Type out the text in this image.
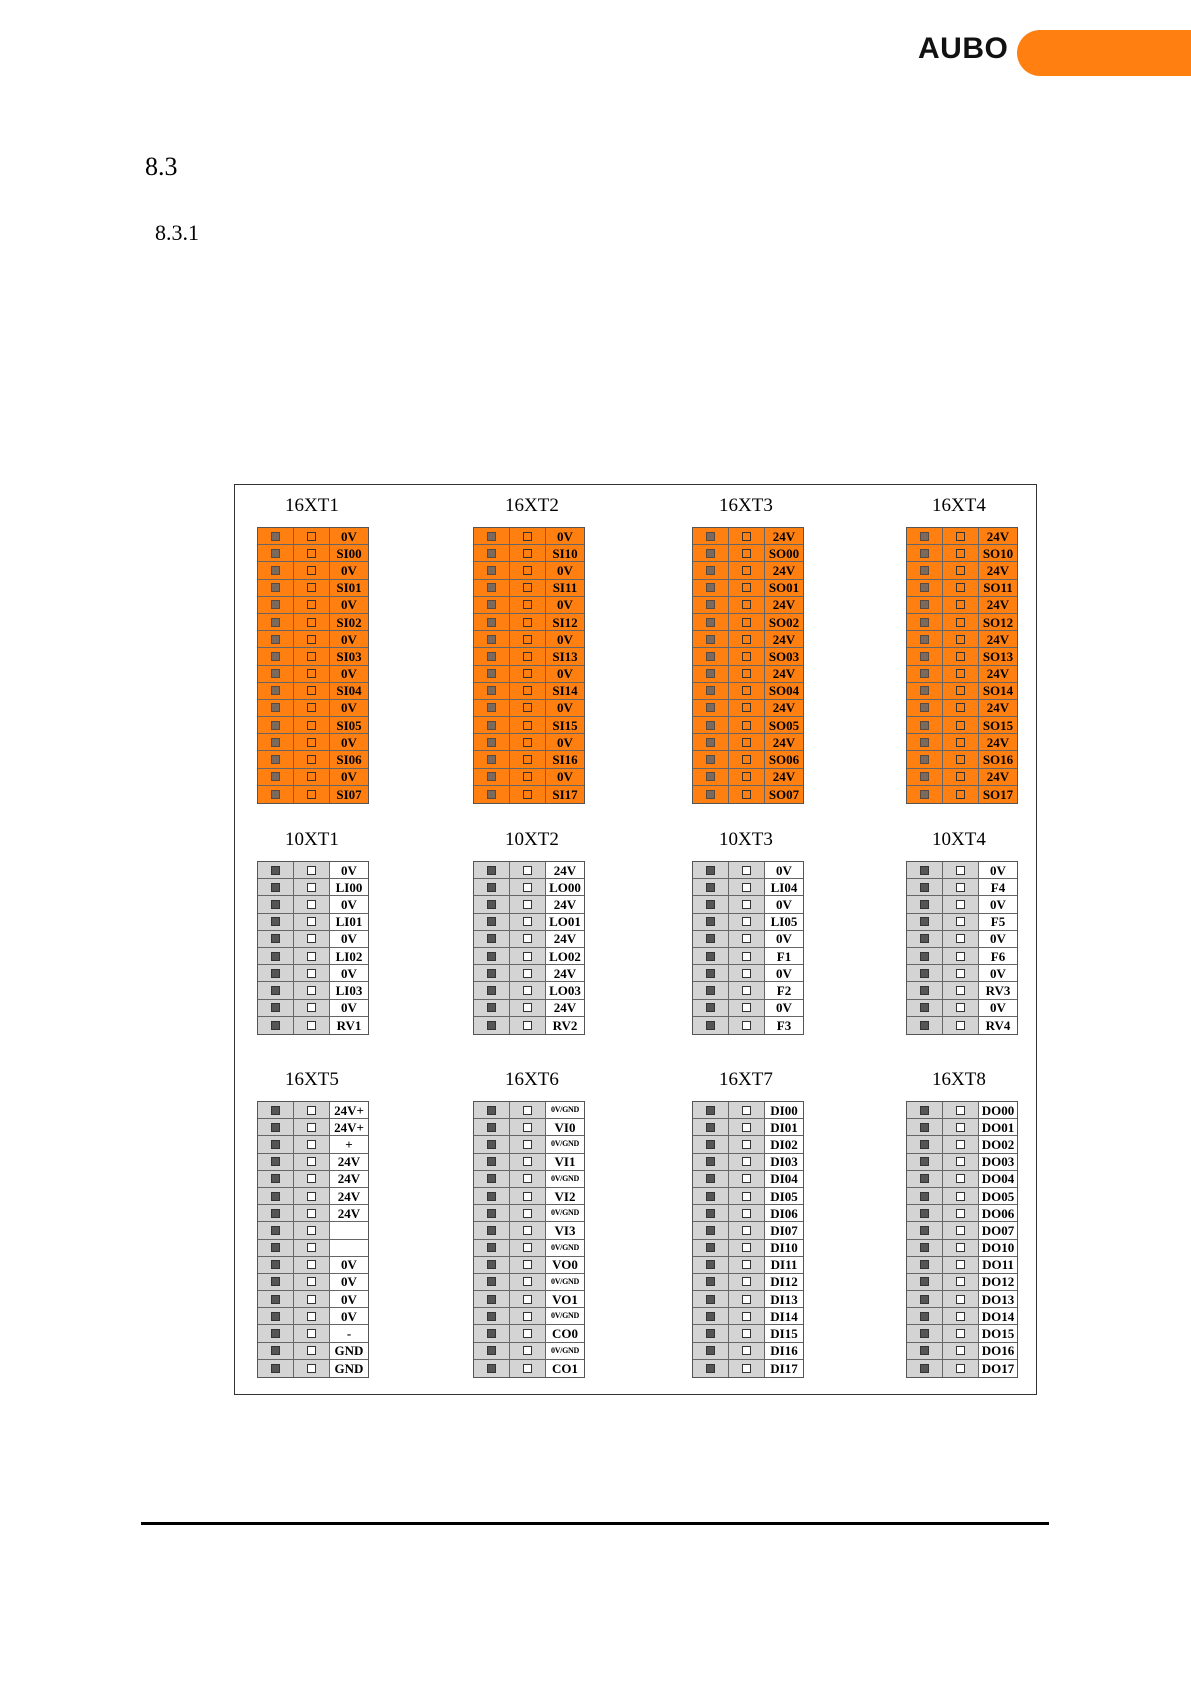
AUBO
8.3
8.3.1
16XT1
0V
SI00
0V
SI01
0V
SI02
0V
SI03
0V
SI04
0V
SI05
0V
SI06
0V
SI07
16XT2
0V
SI10
0V
SI11
0V
SI12
0V
SI13
0V
SI14
0V
SI15
0V
SI16
0V
SI17
16XT3
24V
SO00
24V
SO01
24V
SO02
24V
SO03
24V
SO04
24V
SO05
24V
SO06
24V
SO07
16XT4
24V
SO10
24V
SO11
24V
SO12
24V
SO13
24V
SO14
24V
SO15
24V
SO16
24V
SO17
10XT1
0V
LI00
0V
LI01
0V
LI02
0V
LI03
0V
RV1
10XT2
24V
LO00
24V
LO01
24V
LO02
24V
LO03
24V
RV2
10XT3
0V
LI04
0V
LI05
0V
F1
0V
F2
0V
F3
10XT4
0V
F4
0V
F5
0V
F6
0V
RV3
0V
RV4
16XT5
24V+
24V+
+
24V
24V
24V
24V
0V
0V
0V
0V
-
GND
GND
16XT6
0V/GND
VI0
0V/GND
VI1
0V/GND
VI2
0V/GND
VI3
0V/GND
VO0
0V/GND
VO1
0V/GND
CO0
0V/GND
CO1
16XT7
DI00
DI01
DI02
DI03
DI04
DI05
DI06
DI07
DI10
DI11
DI12
DI13
DI14
DI15
DI16
DI17
16XT8
DO00
DO01
DO02
DO03
DO04
DO05
DO06
DO07
DO10
DO11
DO12
DO13
DO14
DO15
DO16
DO17
